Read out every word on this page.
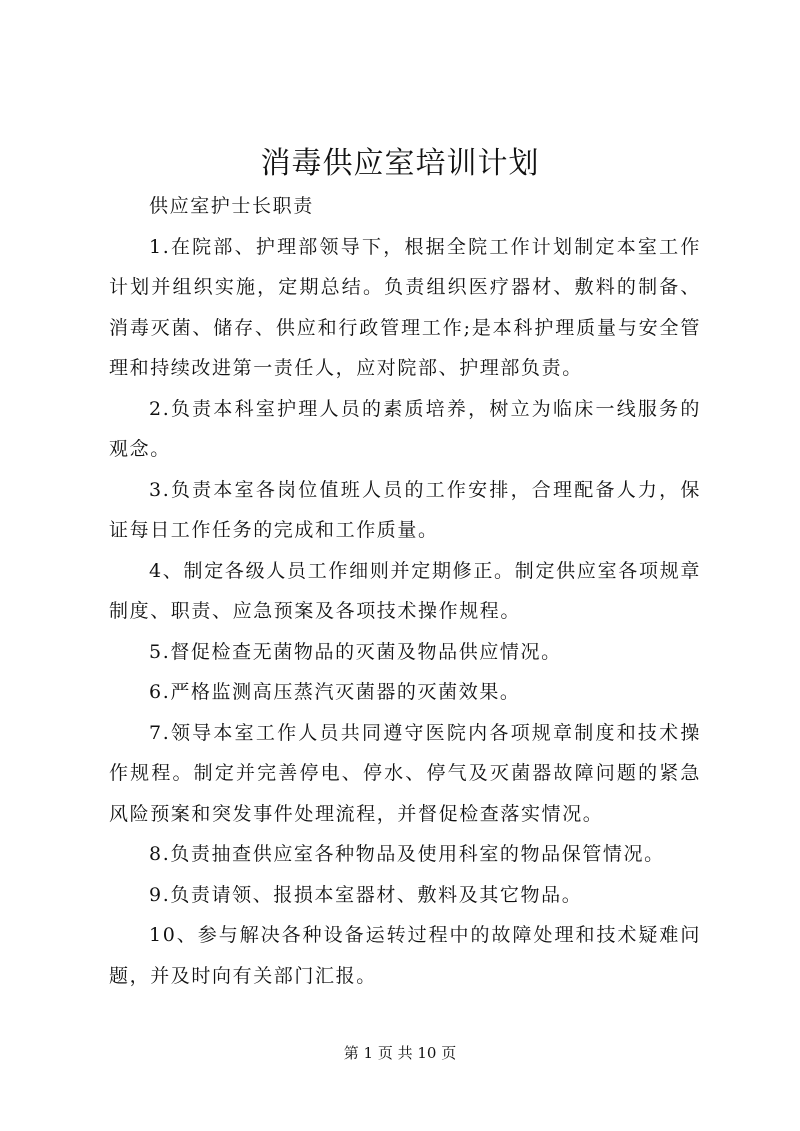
消毒供应室培训计划

供应室护士长职责

1.在院部、护理部领导下，根据全院工作计划制定本室工作计划并组织实施，定期总结。负责组织医疗器材、敷料的制备、消毒灭菌、储存、供应和行政管理工作;是本科护理质量与安全管理和持续改进第一责任人，应对院部、护理部负责。

2.负责本科室护理人员的素质培养，树立为临床一线服务的观念。

3.负责本室各岗位值班人员的工作安排，合理配备人力，保证每日工作任务的完成和工作质量。

4、制定各级人员工作细则并定期修正。制定供应室各项规章制度、职责、应急预案及各项技术操作规程。

5.督促检查无菌物品的灭菌及物品供应情况。

6.严格监测高压蒸汽灭菌器的灭菌效果。

7.领导本室工作人员共同遵守医院内各项规章制度和技术操作规程。制定并完善停电、停水、停气及灭菌器故障问题的紧急风险预案和突发事件处理流程，并督促检查落实情况。

8.负责抽查供应室各种物品及使用科室的物品保管情况。

9.负责请领、报损本室器材、敷料及其它物品。

10、参与解决各种设备运转过程中的故障处理和技术疑难问题，并及时向有关部门汇报。

第 1 页 共 10 页
